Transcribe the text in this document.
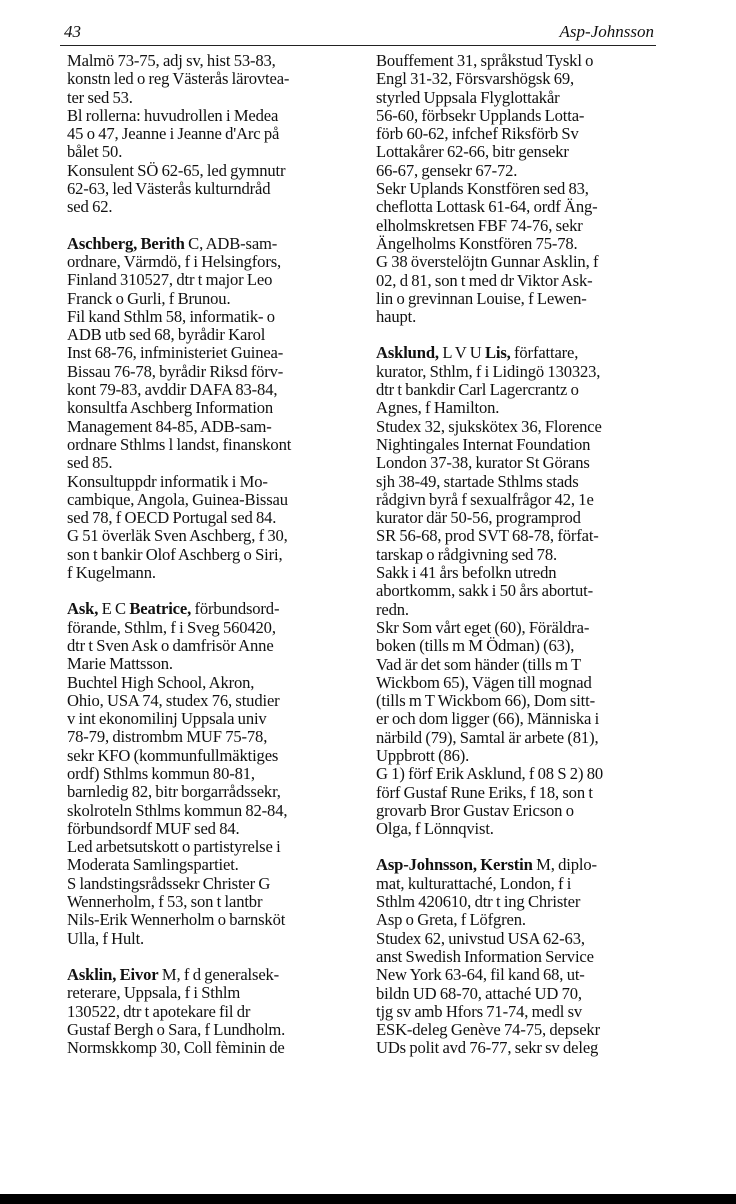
43	Asp-Johnsson

Malmö 73-75, adj sv, hist 53-83,

konstn led o reg Västerås lärovtea-

ter sed 53.

Bl rollerna: huvudrollen i Medea

45 o 47, Jeanne i Jeanne d'Arc på

bålet 50.

Konsulent SÖ 62-65, led gymnutr

62-63, led Västerås kulturndråd

sed 62.

Aschberg, Berith C, ADB-sam-

ordnare, Värmdö, f i Helsingfors,

Finland 310527, dtr t major Leo

Franck o Gurli, f Brunou.

Fil kand Sthlm 58, informatik- o

ADB utb sed 68, byrådir Karol

Inst 68-76, infministeriet Guinea-

Bissau 76-78, byrådir Riksd förv-

kont 79-83, avddir DAFA 83-84,

konsultfa Aschberg Information

Management 84-85, ADB-sam-

ordnare Sthlms l landst, finanskont

sed 85.

Konsultuppdr informatik i Mo-

cambique, Angola, Guinea-Bissau

sed 78, f OECD Portugal sed 84.

G 51 överläk Sven Aschberg, f 30,

son t bankir Olof Aschberg o Siri,

f Kugelmann.

Ask, E C Beatrice, förbundsord-

förande, Sthlm, f i Sveg 560420,

dtr t Sven Ask o damfrisör Anne

Marie Mattsson.

Buchtel High School, Akron,

Ohio, USA 74, studex 76, studier

v int ekonomilinj Uppsala univ

78-79, distrombm MUF 75-78,

sekr KFO (kommunfullmäktiges

ordf) Sthlms kommun 80-81,

barnledig 82, bitr borgarrådssekr,

skolroteln Sthlms kommun 82-84,

förbundsordf MUF sed 84.

Led arbetsutskott o partistyrelse i

Moderata Samlingspartiet.

S landstingsrådssekr Christer G

Wennerholm, f 53, son t lantbr

Nils-Erik Wennerholm o barnsköt

Ulla, f Hult.

Asklin, Eivor M, f d generalsek-

reterare, Uppsala, f i Sthlm

130522, dtr t apotekare fil dr

Gustaf Bergh o Sara, f Lundholm.

Normskkomp 30, Coll fèminin de

Bouffement 31, språkstud Tyskl o

Engl 31-32, Försvarshögsk 69,

styrled Uppsala Flyglottakår

56-60, förbsekr Upplands Lotta-

förb 60-62, infchef Riksförb Sv

Lottakårer 62-66, bitr gensekr

66-67, gensekr 67-72.

Sekr Uplands Konstfören sed 83,

cheflotta Lottask 61-64, ordf Äng-

elholmskretsen FBF 74-76, sekr

Ängelholms Konstfören 75-78.

G 38 överstelöjtn Gunnar Asklin, f

02, d 81, son t med dr Viktor Ask-

lin o grevinnan Louise, f Lewen-

haupt.

Asklund, L V U Lis, författare,

kurator, Sthlm, f i Lidingö 130323,

dtr t bankdir Carl Lagercrantz o

Agnes, f Hamilton.

Studex 32, sjukskötex 36, Florence

Nightingales Internat Foundation

London 37-38, kurator St Görans

sjh 38-49, startade Sthlms stads

rådgivn byrå f sexualfrågor 42, 1e

kurator där 50-56, programprod

SR 56-68, prod SVT 68-78, förfat-

tarskap o rådgivning sed 78.

Sakk i 41 års befolkn utredn

abortkomm, sakk i 50 års abortut-

redn.

Skr Som vårt eget (60), Föräldra-

boken (tills m M Ödman) (63),

Vad är det som händer (tills m T

Wickbom 65), Vägen till mognad

(tills m T Wickbom 66), Dom sitt-

er och dom ligger (66), Människa i

närbild (79), Samtal är arbete (81),

Uppbrott (86).

G 1) förf Erik Asklund, f 08 S 2) 80

förf Gustaf Rune Eriks, f 18, son t

grovarb Bror Gustav Ericson o

Olga, f Lönnqvist.

Asp-Johnsson, Kerstin M, diplo-

mat, kulturattaché, London, f i

Sthlm 420610, dtr t ing Christer

Asp o Greta, f Löfgren.

Studex 62, univstud USA 62-63,

anst Swedish Information Service

New York 63-64, fil kand 68, ut-

bildn UD 68-70, attaché UD 70,

tjg sv amb Hfors 71-74, medl sv

ESK-deleg Genève 74-75, depsekr

UDs polit avd 76-77, sekr sv deleg
